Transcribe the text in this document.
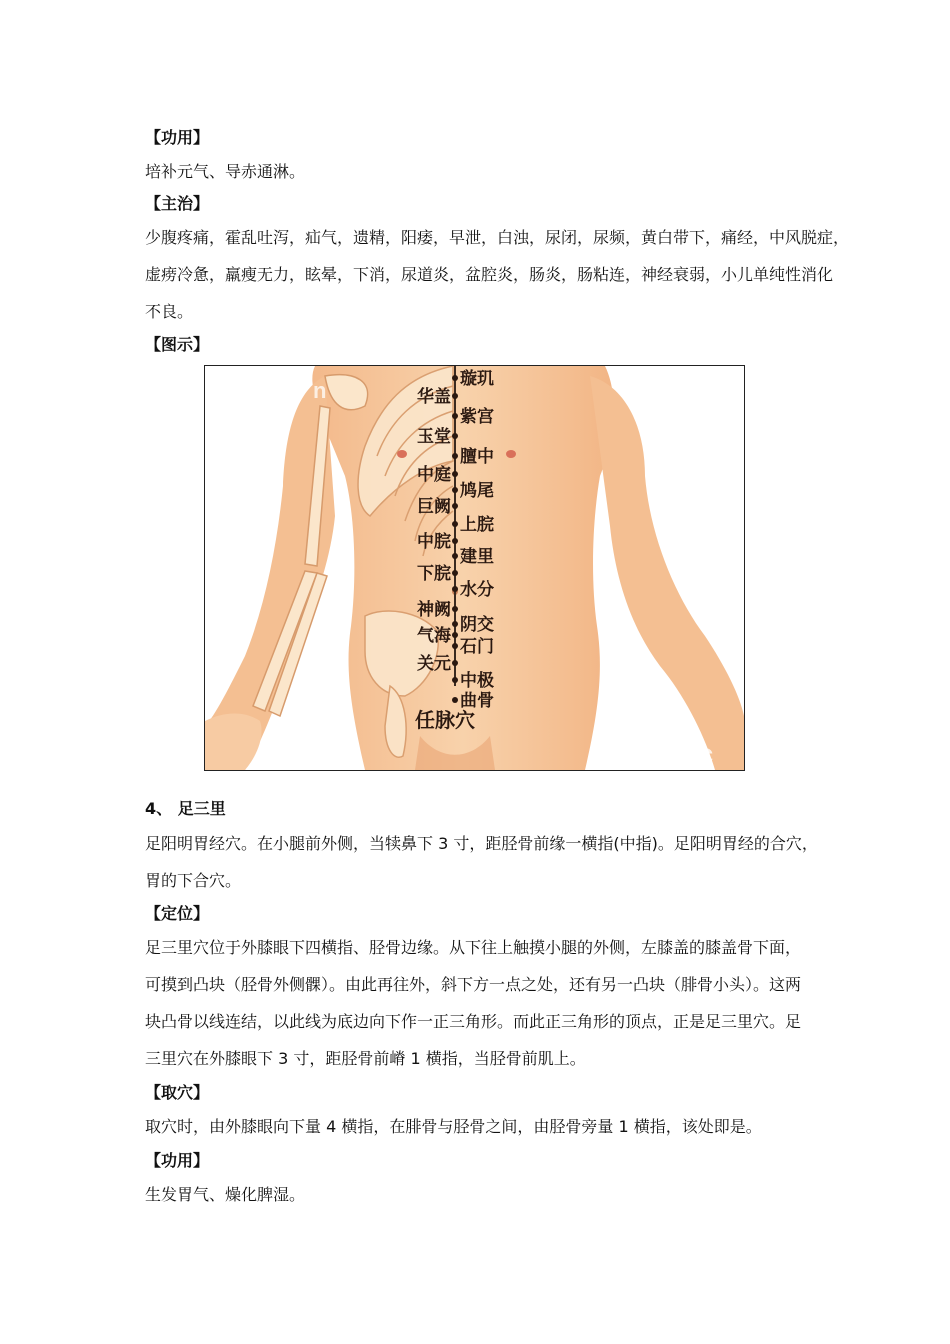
【功用】
培补元气、导赤通淋。
【主治】
少腹疼痛，霍乱吐泻，疝气，遗精，阳痿，早泄，白浊，尿闭，尿频，黄白带下，痛经，中风脱症，
虚痨冷惫，羸瘦无力，眩晕，下消，尿道炎，盆腔炎，肠炎，肠粘连，神经衰弱，小儿单纯性消化
不良。
【图示】
璇玑
紫宫
膻中
鸠尾
上脘
建里
水分
阴交
石门
中极
曲骨
华盖
玉堂
中庭
巨阙
中脘
下脘
神阙
气海
关元
n
byb.c
任脉穴
4、 足三里
足阳明胃经穴。在小腿前外侧，当犊鼻下 3 寸，距胫骨前缘一横指(中指)。足阳明胃经的合穴，
胃的下合穴。
【定位】
足三里穴位于外膝眼下四横指、胫骨边缘。从下往上触摸小腿的外侧，左膝盖的膝盖骨下面，
可摸到凸块（胫骨外侧髁）。由此再往外，斜下方一点之处，还有另一凸块（腓骨小头）。这两
块凸骨以线连结，以此线为底边向下作一正三角形。而此正三角形的顶点，正是足三里穴。足
三里穴在外膝眼下 3 寸，距胫骨前嵴 1 横指，当胫骨前肌上。
【取穴】
取穴时，由外膝眼向下量 4 横指，在腓骨与胫骨之间，由胫骨旁量 1 横指，该处即是。
【功用】
生发胃气、燥化脾湿。
